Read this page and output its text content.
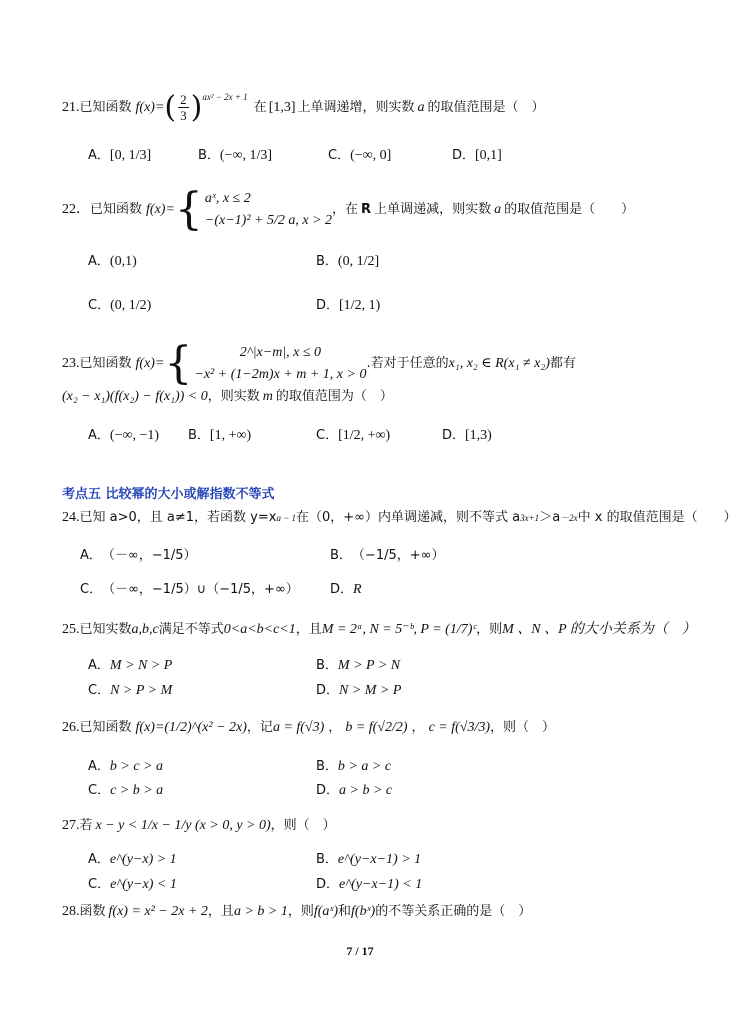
21. 已知函数 f(x)= ( $\frac{2}{3}$ ) ax² − 2x + 1
在 [1,3] 上单调递增，则实数 a 的取值范围是（　）
A． [0, 1/3]	B． (−∞, 1/3]	C． (−∞, 0]	D． [0,1]
22． 已知函数 f(x)= { aˣ, x ≤ 2
−(x−1)² + 5/2 a, x > 2
，在 R 上单调递减，则实数 a 的取值范围是（　　）
A． (0,1)	B． (0, 1/2]
C． (0, 1/2)	D． [1/2, 1)
23. 已知函数 f(x)= {	2^|x−m|, x ≤ 0
−x² + (1−2m)x + m + 1, x > 0
.若对于任意的 x₁, x₂ ∈ R(x₁ ≠ x₂) 都有
(x₂ − x₁)(f(x₂) − f(x₁)) < 0 ，则实数 m 的取值范围为（　）
A． (−∞, −1) B． [1, +∞)	C． [1/2, +∞)	D． [1,3)
考点五 比较幂的大小或解指数不等式
24. 已知 a>0，且 a≠1，若函数 y=x a − 1 在（0，+∞）内单调递减，则不等式 a 3x+1 ＞a －2x 中 x 的取值范围是（　　）
A． （－∞，−1/5）	B． （−1/5，+∞）
C． （－∞，−1/5）∪（−1/5，+∞） D． R
25. 已知实数 a,b,c 满足不等式 0<a<b<c<1 ，且 M = 2ᵃ, N = 5⁻ᵇ, P = (1/7)ᶜ ，则 M 、N 、P 的大小关系为（　）
A． M > N > P	B． M > P > N
C． N > P > M	D． N > M > P
26. 已知函数 f(x)=(1/2)^(x² − 2x) ，记 a = f(√3) ， b = f(√2/2) ， c = f(√3/3) ，则（　）
A． b > c > a	B． b > a > c
C． c > b > a	D． a > b > c
27. 若 x − y < 1/x − 1/y (x > 0, y > 0) ，则（　）
A． e^(y−x) > 1	B． e^(y−x−1) > 1
C． e^(y−x) < 1	D． e^(y−x−1) < 1
28. 函数 f(x) = x² − 2x + 2 ，且 a > b > 1 ，则 f(aˣ) 和 f(bˣ) 的不等关系正确的是（　）
7 / 17
